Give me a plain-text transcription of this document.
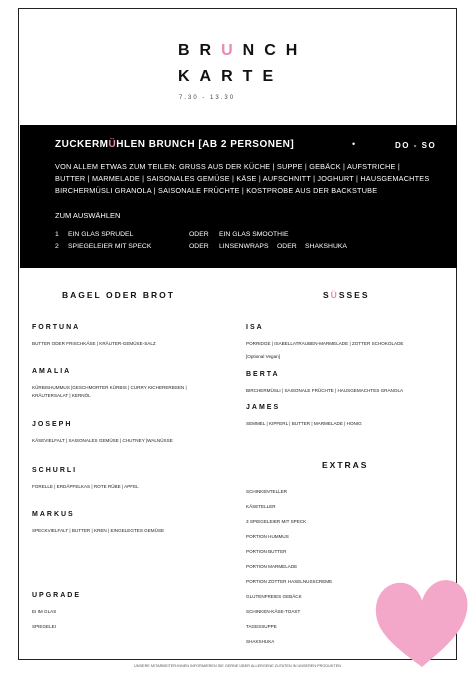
BRUNCH
KARTE
7.30 - 13.30
ZUCKERMÜHLEN BRUNCH [AB 2 PERSONEN]	•	DO - SO
VON ALLEM ETWAS ZUM TEILEN: GRUSS AUS DER KÜCHE | SUPPE | GEBÄCK | AUFSTRICHE | BUTTER | MARMELADE | SAISONALES GEMÜSE | KÄSE | AUFSCHNITT | JOGHURT | HAUSGEMACHTES BIRCHERMÜSLI GRANOLA | SAISONALE FRÜCHTE | KOSTPROBE AUS DER BACKSTUBE
ZUM AUSWÄHLEN
1 EIN GLAS SPRUDEL	ODER EIN GLAS SMOOTHIE
2 SPIEGELEIER MIT SPECK	ODER LINSENWRAPS ODER SHAKSHUKA
BAGEL ODER BROT
FORTUNA
BUTTER ODER FRISCHKÄSE | KRÄUTER-GEMÜSE-SALZ
AMALIA
KÜRBISHUMMUS |GESCHMORTER KÜRBIS | CURRY KICHERERBSEN |
KRÄUTERSALAT | KERNÖL
JOSEPH
KÄSEVIELFALT | SAISONALES GEMÜSE | CHUTNEY |WALNÜSSE
SCHURLI
FORELLE | ERDÄPFELKAS | ROTE RÜBE | APFEL
MARKUS
SPECKVIELFALT | BUTTER | KREN | EINGELEGTES GEMÜSE
UPGRADE
EI IM GLAS
SPIEGELEI
SÜSSES
ISA
PORRIDGE | ISABELLATRAUBEN-MARMELADE | ZOTTER SCHOKOLADE
[Optional Vegan]
BERTA
BIRCHERMÜSLI | SAISONALE FRÜCHTE | HAUSGEMACHTES GRANOLA
JAMES
SEMMEL | KIPFERL | BUTTER | MARMELADE | HONIG
EXTRAS
SCHINKENTELLER
KÄSETELLER
3 SPIEGELEIER MIT SPECK
PORTION HUMMUS
PORTION BUTTER
PORTION MARMELADE
PORTION ZOTTER HASELNUSSCREME
GLUTENFREIES GEBÄCK
SCHINKEN-KÄSE-TOAST
TAGESSUPPE
SHAKSHUKA
UNSERE MITARBEITER:INNEN INFORMIEREN SIE GERNE ÜBER ALLERGENE ZUTATEN IN UNSEREN PRODUKTEN
